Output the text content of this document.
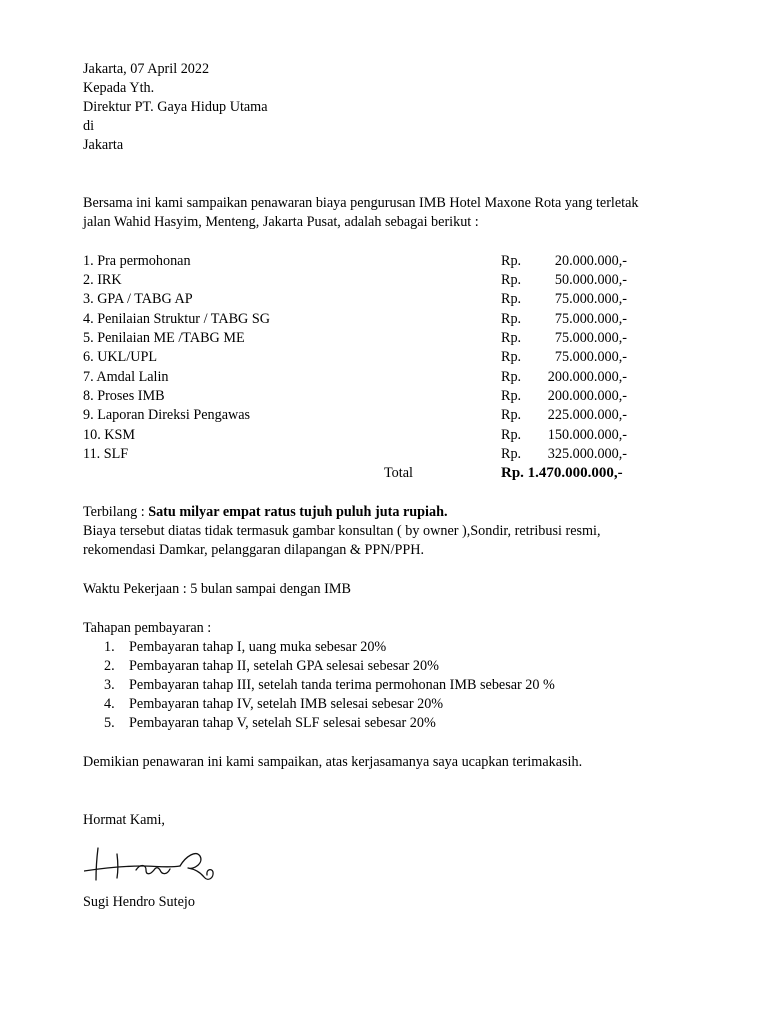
Jakarta, 07 April 2022
Kepada Yth.
Direktur PT. Gaya Hidup Utama
di
Jakarta
Bersama ini kami sampaikan penawaran biaya pengurusan IMB Hotel Maxone Rota yang terletak
jalan Wahid Hasyim, Menteng, Jakarta Pusat, adalah sebagai berikut :
1. Pra permohonan	Rp.	20.000.000,-
2. IRK	Rp.	50.000.000,-
3. GPA / TABG AP	Rp.	75.000.000,-
4. Penilaian Struktur / TABG SG	Rp.	75.000.000,-
5. Penilaian ME /TABG ME	Rp.	75.000.000,-
6. UKL/UPL	Rp.	75.000.000,-
7. Amdal Lalin	Rp.	200.000.000,-
8. Proses IMB	Rp.	200.000.000,-
9. Laporan Direksi Pengawas	Rp.	225.000.000,-
10. KSM	Rp.	150.000.000,-
11. SLF	Rp.	325.000.000,-
Total	Rp. 1.470.000.000,-
Terbilang : Satu milyar empat ratus tujuh puluh juta rupiah.
Biaya tersebut diatas tidak termasuk gambar konsultan ( by owner ),Sondir, retribusi resmi,
rekomendasi Damkar, pelanggaran dilapangan & PPN/PPH.
Waktu Pekerjaan : 5 bulan sampai dengan IMB
Tahapan pembayaran :
1. Pembayaran tahap I, uang muka sebesar 20%
2. Pembayaran tahap II, setelah GPA selesai sebesar 20%
3. Pembayaran tahap III, setelah tanda terima permohonan IMB sebesar 20 %
4. Pembayaran tahap IV, setelah IMB selesai sebesar 20%
5. Pembayaran tahap V, setelah SLF selesai sebesar 20%
Demikian penawaran ini kami sampaikan, atas kerjasamanya saya ucapkan terimakasih.
Hormat Kami,
Sugi Hendro Sutejo
